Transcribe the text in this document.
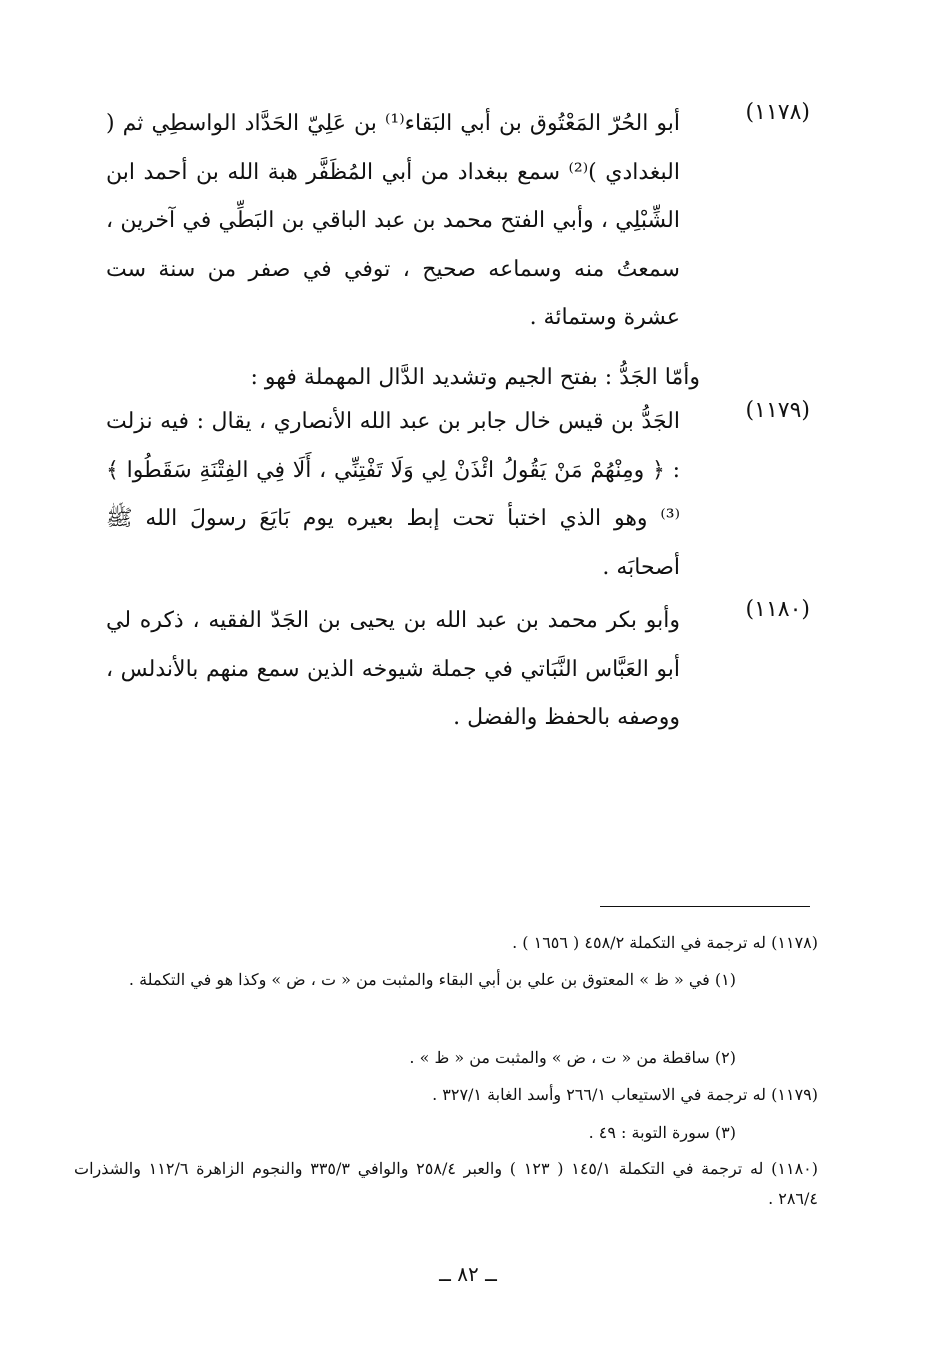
(١١٧٨)
أبو الحُرّ المَعْتُوق بن أبي البَقاء⁽¹⁾ بن عَلِيّ الحَدَّاد الواسطِي ثم ( البغدادي )⁽²⁾ سمع ببغداد من أبي المُظَفَّر هبة الله بن أحمد ابن الشِّبْلِي ، وأبي الفتح محمد بن عبد الباقي بن البَطِّي في آخرين ، سمعتُ منه وسماعه صحيح ، توفي في صفر من سنة ست عشرة وستمائة .
وأمّا الجَدُّ : بفتح الجيم وتشديد الدَّال المهملة فهو :
(١١٧٩)
الجَدُّ بن قيس خال جابر بن عبد الله الأنصاري ، يقال : فيه نزلت : ﴿ ومِنْهُمْ مَنْ يَقُولُ ائْذَنْ لِي وَلَا تَفْتِنِّي ، أَلَا فِي الفِتْنَةِ سَقَطُوا ﴾⁽³⁾ وهو الذي اختبأ تحت إبط بعيره يوم بَايَعَ رسولَ الله ﷺ أصحابَه .
(١١٨٠)
وأبو بكر محمد بن عبد الله بن يحيى بن الجَدّ الفقيه ، ذكره لي أبو العَبَّاس النَّبَاتي في جملة شيوخه الذين سمع منهم بالأندلس ، ووصفه بالحفظ والفضل .
(١١٧٨) له ترجمة في التكملة ٤٥٨/٢ ( ١٦٥٦ ) .
(١) في « ظ » المعتوق بن علي بن أبي البقاء والمثبت من « ت ، ض » وكذا هو في التكملة .
(٢) ساقطة من « ت ، ض » والمثبت من « ظ » .
(١١٧٩) له ترجمة في الاستيعاب ٢٦٦/١ وأسد الغابة ٣٢٧/١ .
(٣) سورة التوبة : ٤٩ .
(١١٨٠) له ترجمة في التكملة ١٤٥/١ ( ١٢٣ ) والعبر ٢٥٨/٤ والوافي ٣٣٥/٣ والنجوم الزاهرة ١١٢/٦ والشذرات ٢٨٦/٤ .
ــ ٨٢ ــ
